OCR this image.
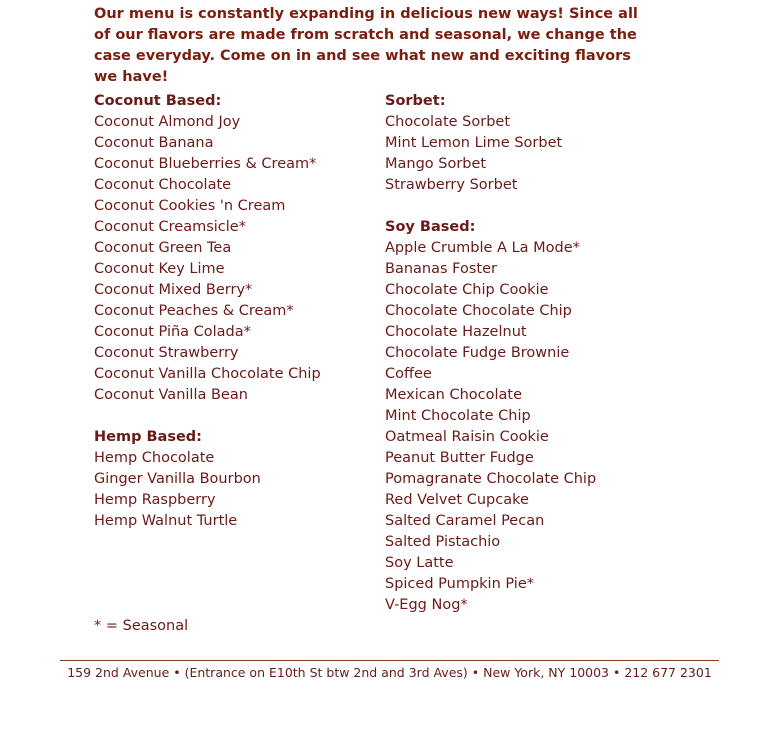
Our menu is constantly expanding in delicious new ways! Since all of our flavors are made from scratch and seasonal, we change the case everyday. Come on in and see what new and exciting flavors we have!

Coconut Based:
Coconut Almond Joy
Coconut Banana
Coconut Blueberries & Cream*
Coconut Chocolate
Coconut Cookies 'n Cream
Coconut Creamsicle*
Coconut Green Tea
Coconut Key Lime
Coconut Mixed Berry*
Coconut Peaches & Cream*
Coconut Piña Colada*
Coconut Strawberry
Coconut Vanilla Chocolate Chip
Coconut Vanilla Bean
Hemp Based:
Hemp Chocolate
Ginger Vanilla Bourbon
Hemp Raspberry
Hemp Walnut Turtle
Sorbet:
Chocolate Sorbet
Mint Lemon Lime Sorbet
Mango Sorbet
Strawberry Sorbet
Soy Based:
Apple Crumble A La Mode*
Bananas Foster
Chocolate Chip Cookie
Chocolate Chocolate Chip
Chocolate Hazelnut
Chocolate Fudge Brownie
Coffee
Mexican Chocolate
Mint Chocolate Chip
Oatmeal Raisin Cookie
Peanut Butter Fudge
Pomagranate Chocolate Chip
Red Velvet Cupcake
Salted Caramel Pecan
Salted Pistachio
Soy Latte
Spiced Pumpkin Pie*
V-Egg Nog*
* = Seasonal
159 2nd Avenue • (Entrance on E10th St btw 2nd and 3rd Aves) • New York, NY 10003 • 212 677 2301
